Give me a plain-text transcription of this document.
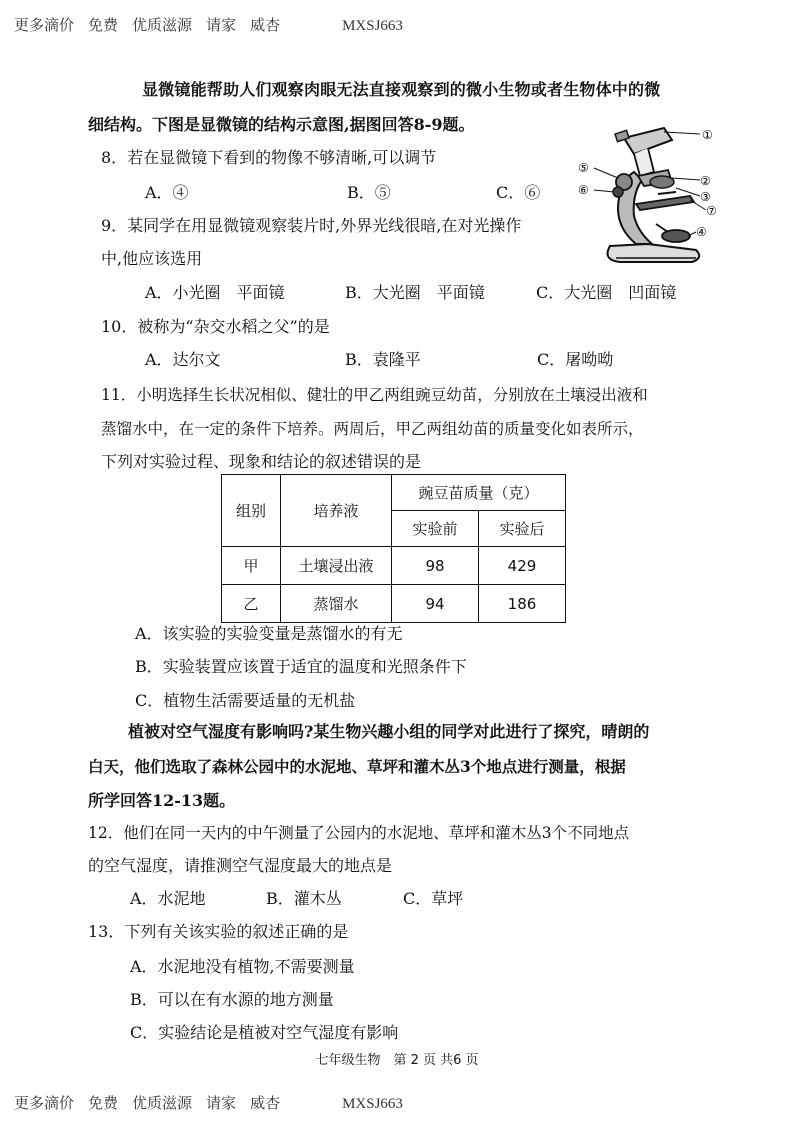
更多滴价 免费 优质滋源 请家 威杏	MXSJ663
显微镜能帮助人们观察肉眼无法直接观察到的微小生物或者生物体中的微
细结构。下图是显微镜的结构示意图,据图回答8-9题。
①
②
③
④
⑤
⑥
⑦
8．若在显微镜下看到的物像不够清晰,可以调节
A．④	B．⑤	C．⑥
9．某同学在用显微镜观察装片时,外界光线很暗,在对光操作
中,他应该选用
A．小光圈　平面镜	B．大光圈　平面镜	C．大光圈　凹面镜
10．被称为“杂交水稻之父”的是
A．达尔文	B．袁隆平	C．屠呦呦
11．小明选择生长状况相似、健壮的甲乙两组豌豆幼苗，分别放在土壤浸出液和
蒸馏水中，在一定的条件下培养。两周后，甲乙两组幼苗的质量变化如表所示，
下列对实验过程、现象和结论的叙述错误的是
组别	培养液	豌豆苗质量（克）	
		实验前	实验后
甲	土壤浸出液	98	429
乙	蒸馏水	94	186
A．该实验的实验变量是蒸馏水的有无
B．实验装置应该置于适宜的温度和光照条件下
C．植物生活需要适量的无机盐
植被对空气湿度有影响吗?某生物兴趣小组的同学对此进行了探究，晴朗的
白天，他们选取了森林公园中的水泥地、草坪和灌木丛3个地点进行测量，根据
所学回答12-13题。
12．他们在同一天内的中午测量了公园内的水泥地、草坪和灌木丛3个不同地点
的空气湿度，请推测空气湿度最大的地点是
A．水泥地	B．灌木丛	C．草坪
13．下列有关该实验的叙述正确的是
A．水泥地没有植物,不需要测量
B．可以在有水源的地方测量
C．实验结论是植被对空气湿度有影响
七年级生物　第 2 页 共6 页
更多滴价 免费 优质滋源 请家 威杏	MXSJ663
